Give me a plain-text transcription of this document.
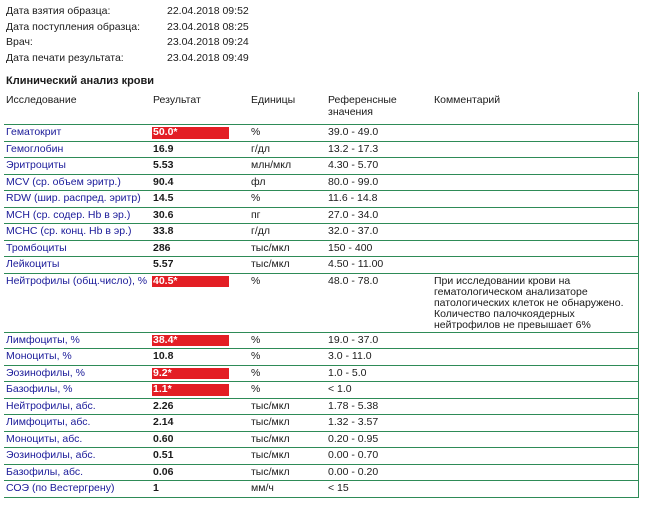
Дата взятия образца:	22.04.2018 09:52
Дата поступления образца:	23.04.2018 08:25
Врач:	23.04.2018 09:24
Дата печати результата:	23.04.2018 09:49
Клинический анализ крови
Исследование	Результат	Единицы	Референсные значения	Комментарий
Гематокрит	50.0*	%	39.0 - 49.0	
Гемоглобин	16.9	г/дл	13.2 - 17.3	
Эритроциты	5.53	млн/мкл	4.30 - 5.70	
MCV (ср. объем эритр.)	90.4	фл	80.0 - 99.0	
RDW (шир. распред. эритр)	14.5	%	11.6 - 14.8	
MCH (ср. содер. Hb в эр.)	30.6	пг	27.0 - 34.0	
MCHC (ср. конц. Hb в эр.)	33.8	г/дл	32.0 - 37.0	
Тромбоциты	286	тыс/мкл	150 - 400	
Лейкоциты	5.57	тыс/мкл	4.50 - 11.00	
Нейтрофилы (общ.число), %	40.5*	%	48.0 - 78.0	При исследовании крови на гематологическом анализаторе патологических клеток не обнаружено. Количество палочкоядерных нейтрофилов не превышает 6%
Лимфоциты, %	38.4*	%	19.0 - 37.0	
Моноциты, %	10.8	%	3.0 - 11.0	
Эозинофилы, %	9.2*	%	1.0 - 5.0	
Базофилы, %	1.1*	%	< 1.0	
Нейтрофилы, абс.	2.26	тыс/мкл	1.78 - 5.38	
Лимфоциты, абс.	2.14	тыс/мкл	1.32 - 3.57	
Моноциты, абс.	0.60	тыс/мкл	0.20 - 0.95	
Эозинофилы, абс.	0.51	тыс/мкл	0.00 - 0.70	
Базофилы, абс.	0.06	тыс/мкл	0.00 - 0.20	
СОЭ (по Вестергрену)	1	мм/ч	< 15	
